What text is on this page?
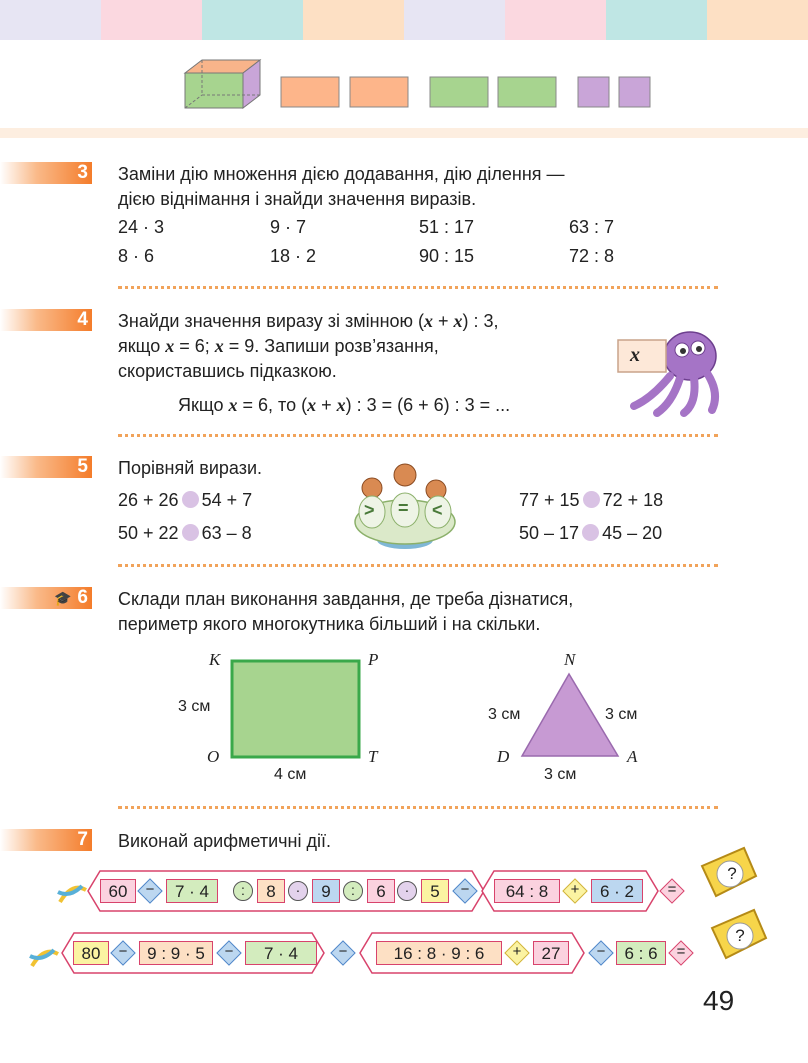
3 Заміни дію множення дією додавання, дію ділення —
дією віднімання і знайди значення виразів.
24 · 3	9 · 7	51 : 17	63 : 7
8 · 6	18 · 2	90 : 15	72 : 8
4 Знайди значення виразу зі змінною (x + x) : 3,
якщо x = 6; x = 9. Запиши розв’язання,
скориставшись підказкою.
Якщо x = 6, то (x + x) : 3 = (6 + 6) : 3 = ...
x
5 Порівняй вирази.
26 + 26 54 + 7
50 + 22 63 – 8
77 + 15 72 + 18
50 – 17 45 – 20
> = <
🎓 6 Склади план виконання завдання, де треба дізнатися,
периметр якого многокутника більший і на скільки.
K	P
O	T
3 см
4 см
N
D	A
3 см	3 см
3 см
7 Виконай арифметичні дії.
60	−	7 · 4	:	8	·	9	:	6	·	5	−	64 : 8	+	6 · 2	=
?
80	−	9 : 9 · 5	−	7 · 4	−	16 : 8 · 9 : 6	+	27	−	6 : 6	=
?
49
